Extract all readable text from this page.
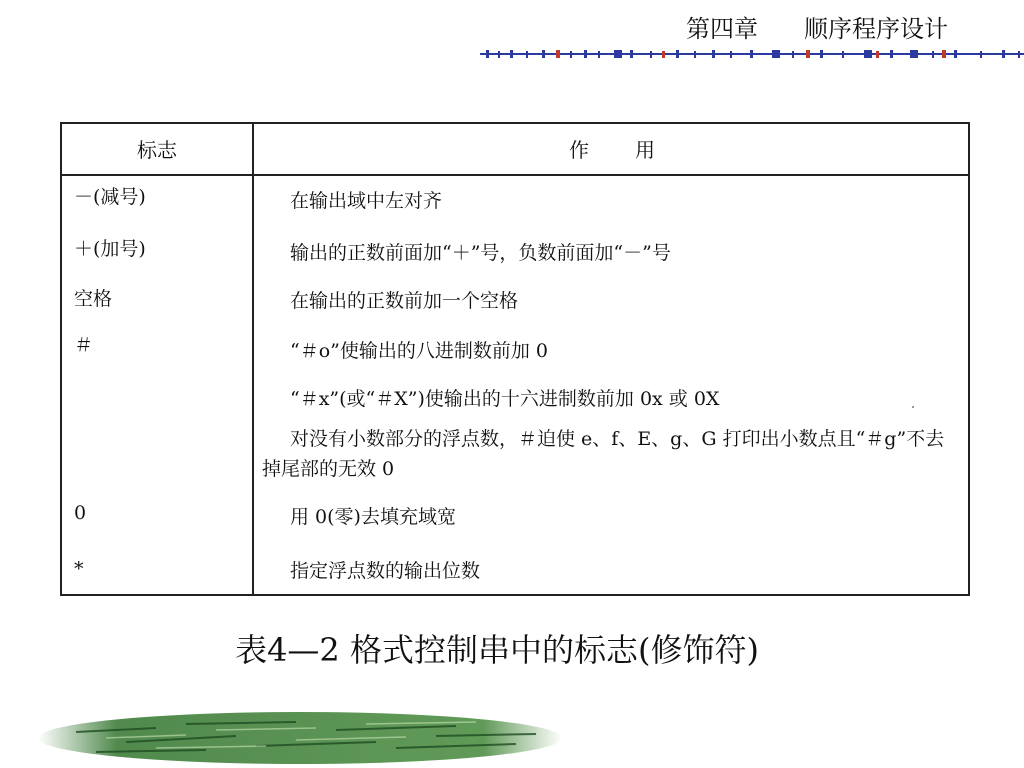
第四章 顺序程序设计
标志	作用
－(减号)	在输出域中左对齐
＋(加号)	输出的正数前面加“＋”号，负数前面加“－”号
空格	在输出的正数前加一个空格
＃	“＃o”使输出的八进制数前加 0
“＃x”(或“＃X”)使输出的十六进制数前加 0x 或 0X
对没有小数部分的浮点数，＃迫使 e、f、E、g、G 打印出小数点且“＃g”不去掉尾部的无效 0
0	用 0(零)去填充域宽
*	指定浮点数的输出位数
表4—2 格式控制串中的标志(修饰符)
